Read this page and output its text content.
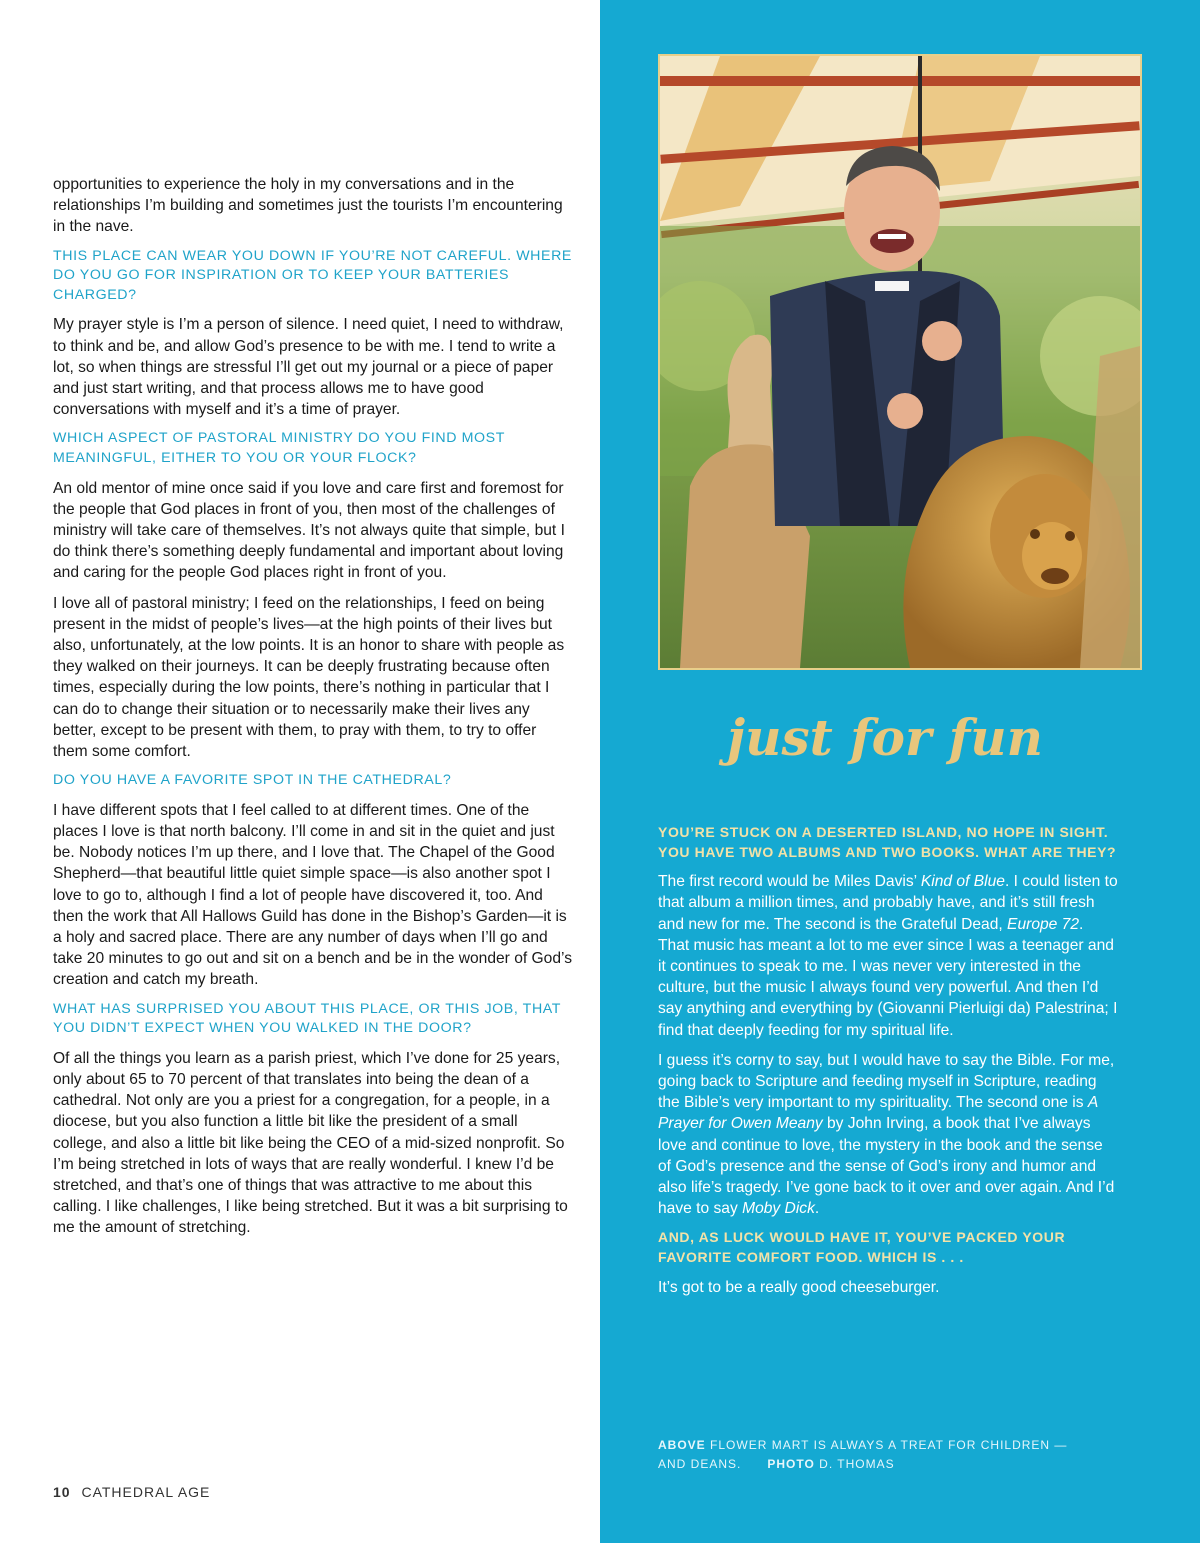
opportunities to experience the holy in my conversations and in the relationships I’m building and sometimes just the tourists I’m encountering in the nave.

THIS PLACE CAN WEAR YOU DOWN IF YOU’RE NOT CAREFUL. WHERE DO YOU GO FOR INSPIRATION OR TO KEEP YOUR BATTERIES CHARGED?

My prayer style is I’m a person of silence. I need quiet, I need to withdraw, to think and be, and allow God’s presence to be with me. I tend to write a lot, so when things are stressful I’ll get out my journal or a piece of paper and just start writing, and that process allows me to have good conversations with myself and it’s a time of prayer.

WHICH ASPECT OF PASTORAL MINISTRY DO YOU FIND MOST MEANINGFUL, EITHER TO YOU OR YOUR FLOCK?

An old mentor of mine once said if you love and care first and foremost for the people that God places in front of you, then most of the challenges of ministry will take care of themselves. It’s not always quite that simple, but I do think there’s something deeply fundamental and important about loving and caring for the people God places right in front of you.

I love all of pastoral ministry; I feed on the relationships, I feed on being present in the midst of people’s lives—at the high points of their lives but also, unfortunately, at the low points. It is an honor to share with people as they walked on their journeys. It can be deeply frustrating because often times, especially during the low points, there’s nothing in particular that I can do to change their situation or to necessarily make their lives any better, except to be present with them, to pray with them, to try to offer them some comfort.

DO YOU HAVE A FAVORITE SPOT IN THE CATHEDRAL?

I have different spots that I feel called to at different times. One of the places I love is that north balcony. I’ll come in and sit in the quiet and just be. Nobody notices I’m up there, and I love that. The Chapel of the Good Shepherd—that beautiful little quiet simple space—is also another spot I love to go to, although I find a lot of people have discovered it, too. And then the work that All Hallows Guild has done in the Bishop’s Garden—it is a holy and sacred place. There are any number of days when I’ll go and take 20 minutes to go out and sit on a bench and be in the wonder of God’s creation and catch my breath.

WHAT HAS SURPRISED YOU ABOUT THIS PLACE, OR THIS JOB, THAT YOU DIDN’T EXPECT WHEN YOU WALKED IN THE DOOR?

Of all the things you learn as a parish priest, which I’ve done for 25 years, only about 65 to 70 percent of that translates into being the dean of a cathedral. Not only are you a priest for a congregation, for a people, in a diocese, but you also function a little bit like the president of a small college, and also a little bit like being the CEO of a mid-sized nonprofit. So I’m being stretched in lots of ways that are really wonderful. I knew I’d be stretched, and that’s one of things that was attractive to me about this calling. I like challenges, I like being stretched. But it was a bit surprising to me the amount of stretching.

10 CATHEDRAL AGE
just for fun

YOU’RE STUCK ON A DESERTED ISLAND, NO HOPE IN SIGHT. YOU HAVE TWO ALBUMS AND TWO BOOKS. WHAT ARE THEY?

The first record would be Miles Davis’ Kind of Blue. I could listen to that album a million times, and probably have, and it’s still fresh and new for me. The second is the Grateful Dead, Europe 72. That music has meant a lot to me ever since I was a teenager and it continues to speak to me. I was never very interested in the culture, but the music I always found very powerful. And then I’d say anything and everything by (Giovanni Pierluigi da) Palestrina; I find that deeply feeding for my spiritual life.

I guess it’s corny to say, but I would have to say the Bible. For me, going back to Scripture and feeding myself in Scripture, reading the Bible’s very important to my spirituality. The second one is A Prayer for Owen Meany by John Irving, a book that I’ve always love and continue to love, the mystery in the book and the sense of God’s presence and the sense of God’s irony and humor and also life’s tragedy. I’ve gone back to it over and over again. And I’d have to say Moby Dick.

AND, AS LUCK WOULD HAVE IT, YOU’VE PACKED YOUR FAVORITE COMFORT FOOD. WHICH IS . . .

It’s got to be a really good cheeseburger.

ABOVE FLOWER MART IS ALWAYS A TREAT FOR CHILDREN —AND DEANS. PHOTO D. THOMAS
